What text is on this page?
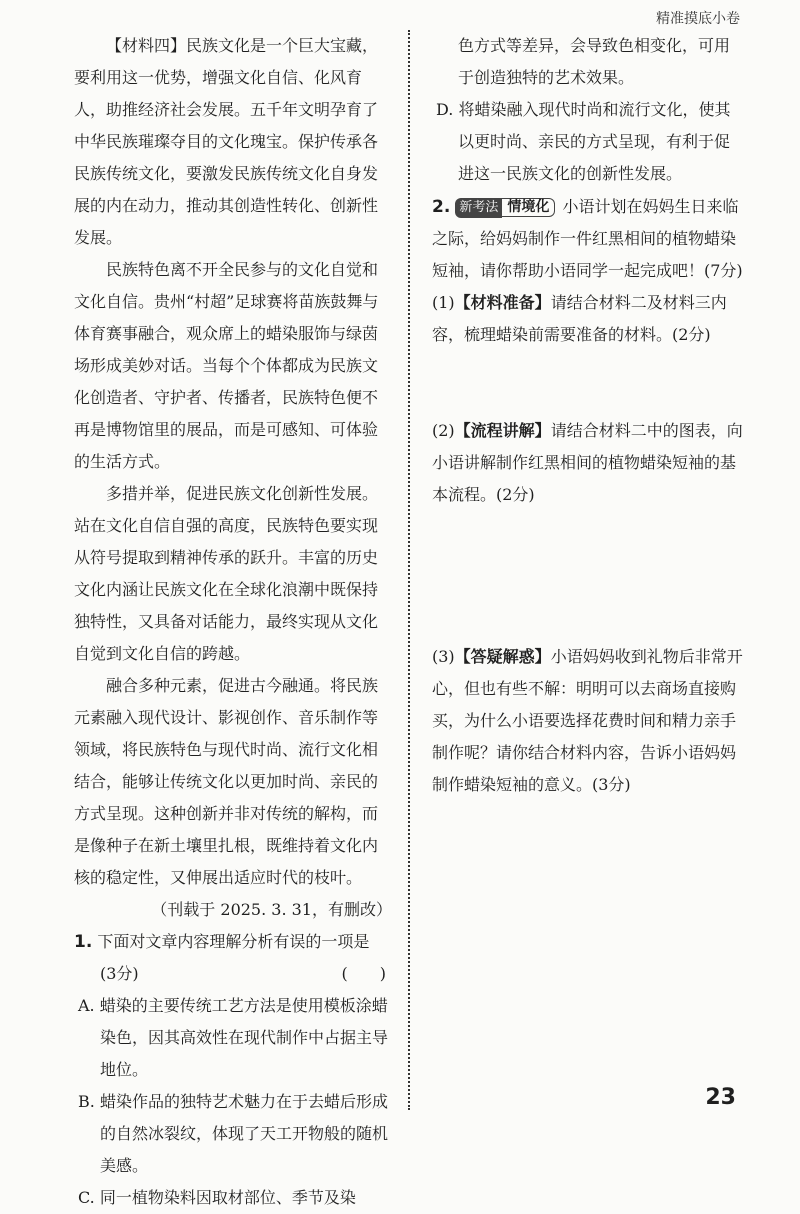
精准摸底小卷

【材料四】民族文化是一个巨大宝藏，要利用这一优势，增强文化自信、化风育人，助推经济社会发展。五千年文明孕育了中华民族璀璨夺目的文化瑰宝。保护传承各民族传统文化，要激发民族传统文化自身发展的内在动力，推动其创造性转化、创新性发展。

民族特色离不开全民参与的文化自觉和文化自信。贵州“村超”足球赛将苗族鼓舞与体育赛事融合，观众席上的蜡染服饰与绿茵场形成美妙对话。当每个个体都成为民族文化创造者、守护者、传播者，民族特色便不再是博物馆里的展品，而是可感知、可体验的生活方式。

多措并举，促进民族文化创新性发展。站在文化自信自强的高度，民族特色要实现从符号提取到精神传承的跃升。丰富的历史文化内涵让民族文化在全球化浪潮中既保持独特性，又具备对话能力，最终实现从文化自觉到文化自信的跨越。

融合多种元素，促进古今融通。将民族元素融入现代设计、影视创作、音乐制作等领域，将民族特色与现代时尚、流行文化相结合，能够让传统文化以更加时尚、亲民的方式呈现。这种创新并非对传统的解构，而是像种子在新土壤里扎根，既维持着文化内核的稳定性，又伸展出适应时代的枝叶。

（刊载于 2025. 3. 31，有删改）

1. 下面对文章内容理解分析有误的一项是

(3分)	(　　)

A. 蜡染的主要传统工艺方法是使用模板涂蜡染色，因其高效性在现代制作中占据主导地位。

B. 蜡染作品的独特艺术魅力在于去蜡后形成的自然冰裂纹，体现了天工开物般的随机美感。

C. 同一植物染料因取材部位、季节及染

色方式等差异，会导致色相变化，可用于创造独特的艺术效果。

D. 将蜡染融入现代时尚和流行文化，使其以更时尚、亲民的方式呈现，有利于促进这一民族文化的创新性发展。

2. 新考法 情境化 小语计划在妈妈生日来临之际，给妈妈制作一件红黑相间的植物蜡染短袖，请你帮助小语同学一起完成吧！(7分)

(1)【材料准备】请结合材料二及材料三内容，梳理蜡染前需要准备的材料。(2分)

(2)【流程讲解】请结合材料二中的图表，向小语讲解制作红黑相间的植物蜡染短袖的基本流程。(2分)

(3)【答疑解惑】小语妈妈收到礼物后非常开心，但也有些不解：明明可以去商场直接购买，为什么小语要选择花费时间和精力亲手制作呢？请你结合材料内容，告诉小语妈妈制作蜡染短袖的意义。(3分)

23
